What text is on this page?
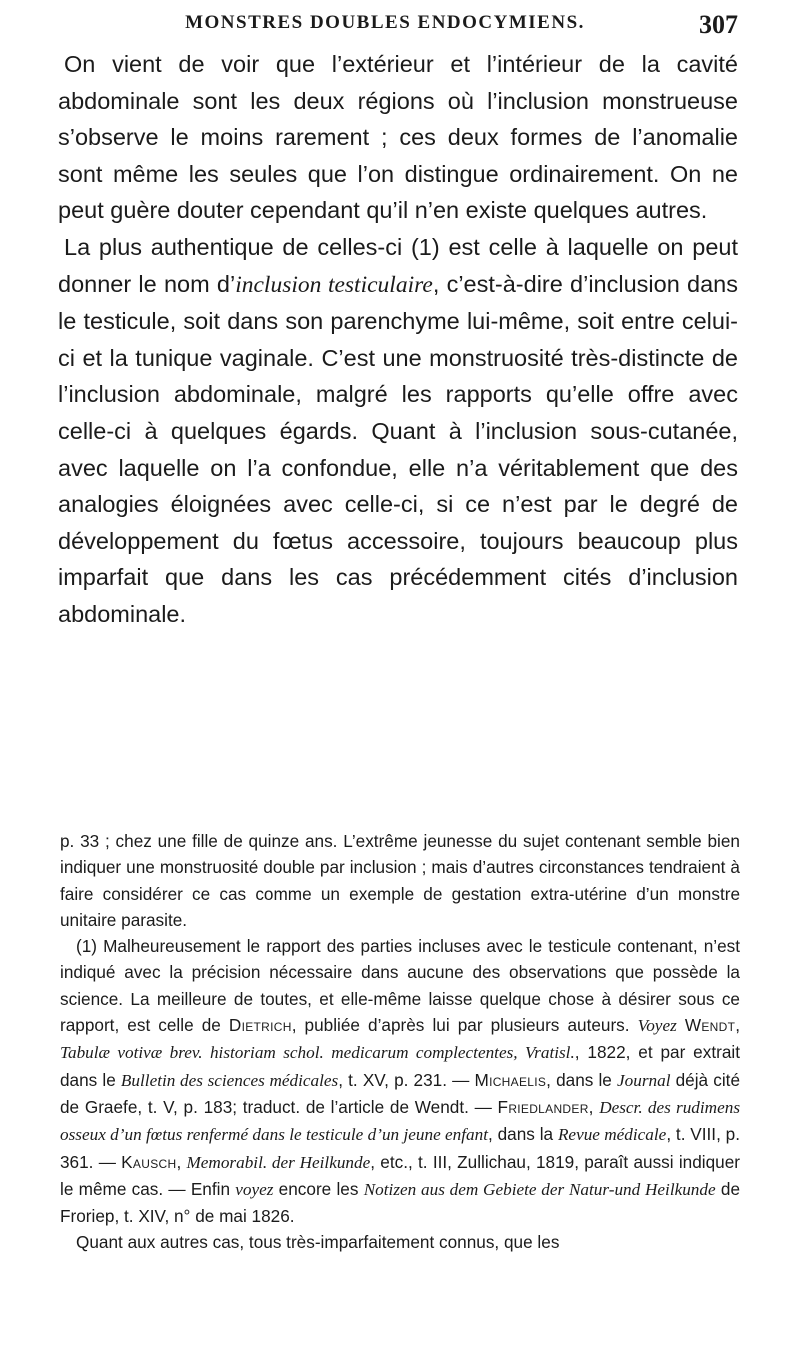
MONSTRES DOUBLES ENDOCYMIENS.	307

On vient de voir que l’extérieur et l’intérieur de la cavité abdominale sont les deux régions où l’inclusion monstrueuse s’observe le moins rarement ; ces deux formes de l’anomalie sont même les seules que l’on distingue ordinairement. On ne peut guère douter cependant qu’il n’en existe quelques autres.

La plus authentique de celles-ci (1) est celle à laquelle on peut donner le nom d’inclusion testiculaire, c’est-à-dire d’inclusion dans le testicule, soit dans son parenchyme lui-même, soit entre celui-ci et la tunique vaginale. C’est une monstruosité très-distincte de l’inclusion abdominale, malgré les rapports qu’elle offre avec celle-ci à quelques égards. Quant à l’inclusion sous-cutanée, avec laquelle on l’a confondue, elle n’a véritablement que des analogies éloignées avec celle-ci, si ce n’est par le degré de développement du fœtus accessoire, toujours beaucoup plus imparfait que dans les cas précédemment cités d’inclusion abdominale.

p. 33 ; chez une fille de quinze ans. L’extrême jeunesse du sujet contenant semble bien indiquer une monstruosité double par inclusion ; mais d’autres circonstances tendraient à faire considérer ce cas comme un exemple de gestation extra-utérine d’un monstre unitaire parasite.

(1) Malheureusement le rapport des parties incluses avec le testicule contenant, n’est indiqué avec la précision nécessaire dans aucune des observations que possède la science. La meilleure de toutes, et elle-même laisse quelque chose à désirer sous ce rapport, est celle de Dietrich, publiée d’après lui par plusieurs auteurs. Voyez Wendt, Tabulæ votivæ brev. historiam schol. medicarum complectentes, Vratisl., 1822, et par extrait dans le Bulletin des sciences médicales, t. XV, p. 231. — Michaelis, dans le Journal déjà cité de Graefe, t. V, p. 183; traduct. de l’article de Wendt. — Friedlander, Descr. des rudimens osseux d’un fœtus renfermé dans le testicule d’un jeune enfant, dans la Revue médicale, t. VIII, p. 361. — Kausch, Memorabil. der Heilkunde, etc., t. III, Zullichau, 1819, paraît aussi indiquer le même cas. — Enfin voyez encore les Notizen aus dem Gebiete der Natur-und Heilkunde de Froriep, t. XIV, n° de mai 1826.

Quant aux autres cas, tous très-imparfaitement connus, que les
